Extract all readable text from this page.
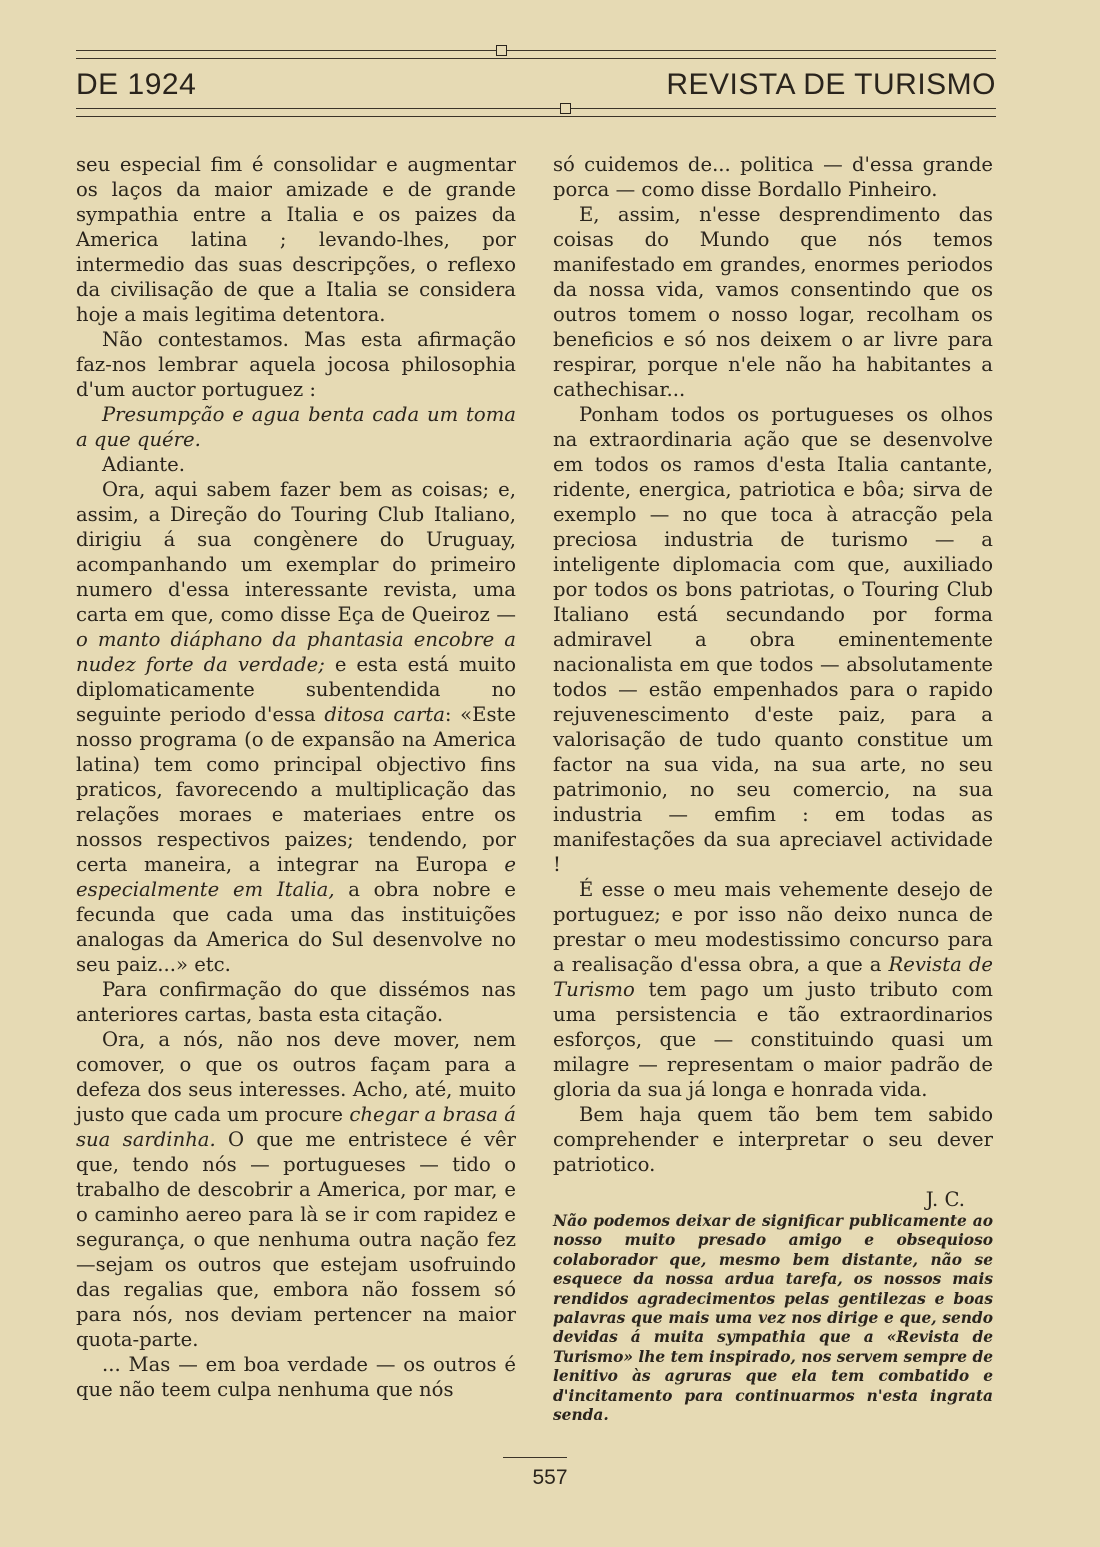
DE 1924	REVISTA DE TURISMO

seu especial fim é consolidar e augmentar os laços da maior amizade e de grande sympathia entre a Italia e os paizes da America latina ; levando-lhes, por intermedio das suas descripções, o reflexo da civilisação de que a Italia se considera hoje a mais legitima detentora.

Não contestamos. Mas esta afirmação faz-nos lembrar aquela jocosa philosophia d'um auctor portuguez :

Presumpção e agua benta cada um toma a que quére.

Adiante.

Ora, aqui sabem fazer bem as coisas; e, assim, a Direção do Touring Club Italiano, dirigiu á sua congènere do Uruguay, acompanhando um exemplar do primeiro numero d'essa interessante revista, uma carta em que, como disse Eça de Queiroz — o manto diáphano da phantasia encobre a nudez forte da verdade; e esta está muito diplomaticamente subentendida no seguinte periodo d'essa ditosa carta: «Este nosso programa (o de expansão na America latina) tem como principal objectivo fins praticos, favorecendo a multiplicação das relações moraes e materiaes entre os nossos respectivos paizes; tendendo, por certa maneira, a integrar na Europa e especialmente em Italia, a obra nobre e fecunda que cada uma das instituições analogas da America do Sul desenvolve no seu paiz...» etc.

Para confirmação do que dissémos nas anteriores cartas, basta esta citação.

Ora, a nós, não nos deve mover, nem comover, o que os outros façam para a defeza dos seus interesses. Acho, até, muito justo que cada um procure chegar a brasa á sua sardinha. O que me entristece é vêr que, tendo nós — portugueses — tido o trabalho de descobrir a America, por mar, e o caminho aereo para là se ir com rapidez e segurança, o que nenhuma outra nação fez—sejam os outros que estejam usofruindo das regalias que, embora não fossem só para nós, nos deviam pertencer na maior quota-parte.

... Mas — em boa verdade — os outros é que não teem culpa nenhuma que nós

só cuidemos de... politica — d'essa grande porca — como disse Bordallo Pinheiro.

E, assim, n'esse desprendimento das coisas do Mundo que nós temos manifestado em grandes, enormes periodos da nossa vida, vamos consentindo que os outros tomem o nosso logar, recolham os beneficios e só nos deixem o ar livre para respirar, porque n'ele não ha habitantes a cathechisar...

Ponham todos os portugueses os olhos na extraordinaria ação que se desenvolve em todos os ramos d'esta Italia cantante, ridente, energica, patriotica e bôa; sirva de exemplo — no que toca à atracção pela preciosa industria de turismo — a inteligente diplomacia com que, auxiliado por todos os bons patriotas, o Touring Club Italiano está secundando por forma admiravel a obra eminentemente nacionalista em que todos — absolutamente todos — estão empenhados para o rapido rejuvenescimento d'este paiz, para a valorisação de tudo quanto constitue um factor na sua vida, na sua arte, no seu patrimonio, no seu comercio, na sua industria — emfim : em todas as manifestações da sua apreciavel actividade !

É esse o meu mais vehemente desejo de portuguez; e por isso não deixo nunca de prestar o meu modestissimo concurso para a realisação d'essa obra, a que a Revista de Turismo tem pago um justo tributo com uma persistencia e tão extraordinarios esforços, que — constituindo quasi um milagre — representam o maior padrão de gloria da sua já longa e honrada vida.

Bem haja quem tão bem tem sabido comprehender e interpretar o seu dever patriotico.

J. C.

Não podemos deixar de significar publicamente ao nosso muito presado amigo e obsequioso colaborador que, mesmo bem distante, não se esquece da nossa ardua tarefa, os nossos mais rendidos agradecimentos pelas gentilezas e boas palavras que mais uma vez nos dirige e que, sendo devidas á muita sympathia que a «Revista de Turismo» lhe tem inspirado, nos servem sempre de lenitivo às agruras que ela tem combatido e d'incitamento para continuarmos n'esta ingrata senda.
557
